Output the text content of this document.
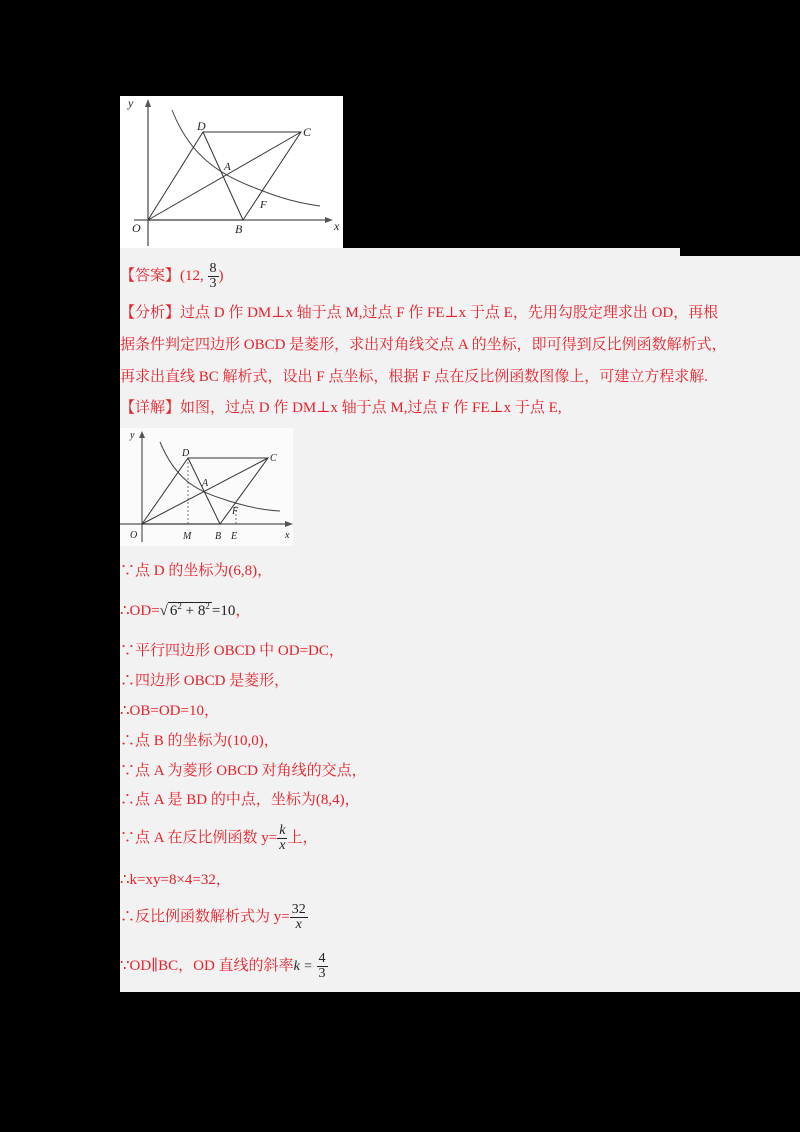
y
x
O	B
D	C
A
F
【答案】(12, $\frac{8}{3}$ )
【分析】过点 D 作 DM⊥x 轴于点 M,过点 F 作 FE⊥x 于点 E，先用勾股定理求出 OD，再根
据条件判定四边形 OBCD 是菱形，求出对角线交点 A 的坐标，即可得到反比例函数解析式，
再求出直线 BC 解析式，设出 F 点坐标，根据 F 点在反比例函数图像上，可建立方程求解.
【详解】如图，过点 D 作 DM⊥x 轴于点 M,过点 F 作 FE⊥x 于点 E,
y
x
O	M B E
D	C
A
F
∵点 D 的坐标为(6,8)，
∴OD=√ $6^2 + 8^2 =10$，
∵平行四边形 OBCD 中 OD=DC，
∴四边形 OBCD 是菱形，
∴OB=OD=10，
∴点 B 的坐标为(10,0)，
∵点 A 为菱形 OBCD 对角线的交点，
∴点 A 是 BD 的中点，坐标为(8,4)，
∵点 A 在反比例函数 $y= \frac{k}{x}$ 上，
∴k=xy=8×4=32，
∴反比例函数解析式为 $y= \frac{32}{x}$
∵OD∥BC，OD 直线的斜率$k = \frac{4}{3}$
